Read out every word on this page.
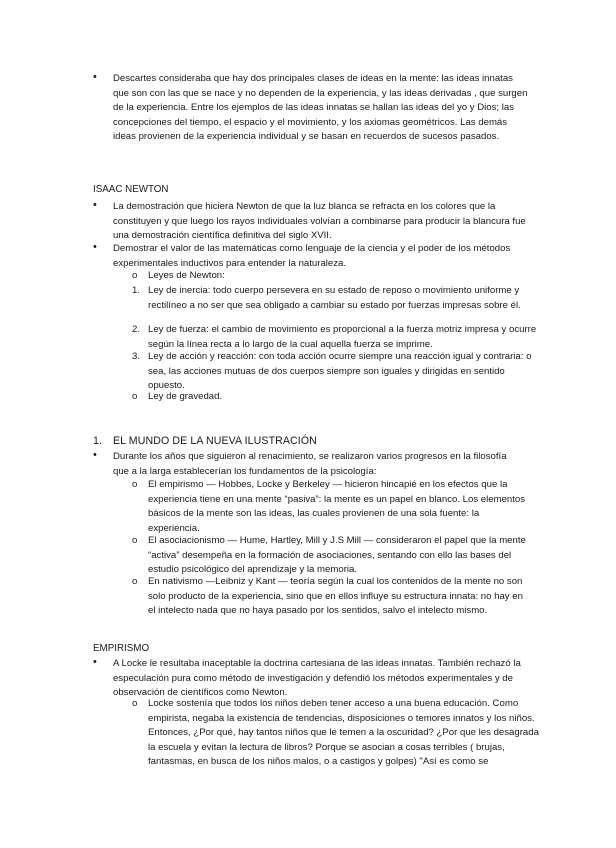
• Descartes consideraba que hay dos principales clases de ideas en la mente: las ideas innatas que son con las que se nace y no dependen de la experiencia, y las ideas derivadas , que surgen de la experiencia. Entre los ejemplos de las ideas innatas se hallan las ideas del yo y Dios; las concepciones del tiempo, el espacio y el movimiento, y los axiomas geométricos. Las demás ideas provienen de la experiencia individual y se basan en recuerdos de sucesos pasados.
ISAAC NEWTON
• La demostración que hiciera Newton de que la luz blanca se refracta en los colores que la constituyen y que luego los rayos individuales volvían a combinarse para producir la blancura fue una demostración científica definitiva del siglo XVII.
• Demostrar el valor de las matemáticas como lenguaje de la ciencia y el poder de los métodos experimentales inductivos para entender la naturaleza.
o Leyes de Newton:
1. Ley de inercia: todo cuerpo persevera en su estado de reposo o movimiento uniforme y rectilíneo a no ser que sea obligado a cambiar su estado por fuerzas impresas sobre él.
2. Ley de fuerza: el cambio de movimiento es proporcional a la fuerza motriz impresa y ocurre según la línea recta a lo largo de la cual aquella fuerza se imprime.
3. Ley de acción y reacción: con toda acción ocurre siempre una reacción igual y contraria: o sea, las acciones mutuas de dos cuerpos siempre son iguales y dirigidas en sentido opuesto.
o Ley de gravedad.
1. EL MUNDO DE LA NUEVA ILUSTRACIÓN
• Durante los años que siguieron al renacimiento, se realizaron varios progresos en la filosofía que a la larga establecerían los fundamentos de la psicología:
o El empirismo — Hobbes, Locke y Berkeley — hicieron hincapié en los efectos que la experiencia tiene en una mente “pasiva”: la mente es un papel en blanco. Los elementos básicos de la mente son las ideas, las cuales provienen de una sola fuente: la experiencia.
o El asociacionismo — Hume, Hartley, Mill y J.S Mill — consideraron el papel que la mente “activa” desempeña en la formación de asociaciones, sentando con ello las bases del estudio psicológico del aprendizaje y la memoria.
o En nativismo —Leibniz y Kant — teoría según la cual los contenidos de la mente no son solo producto de la experiencia, sino que en ellos influye su estructura innata: no hay en el intelecto nada que no haya pasado por los sentidos, salvo el intelecto mismo.
EMPIRISMO
• A Locke le resultaba inaceptable la doctrina cartesiana de las ideas innatas. También rechazó la especulación pura como método de investigación y defendió los métodos experimentales y de observación de científicos como Newton.
o Locke sostenía que todos los niños deben tener acceso a una buena educación. Como empirista, negaba la existencia de tendencias, disposiciones o temores innatos y los niños. Entonces, ¿Por qué, hay tantos niños que le temen a la oscuridad? ¿Por que les desagrada la escuela y evitan la lectura de libros? Porque se asocian a cosas terribles ( brujas, fantasmas, en busca de los niños malos, o a castigos y golpes) "Así es como se
